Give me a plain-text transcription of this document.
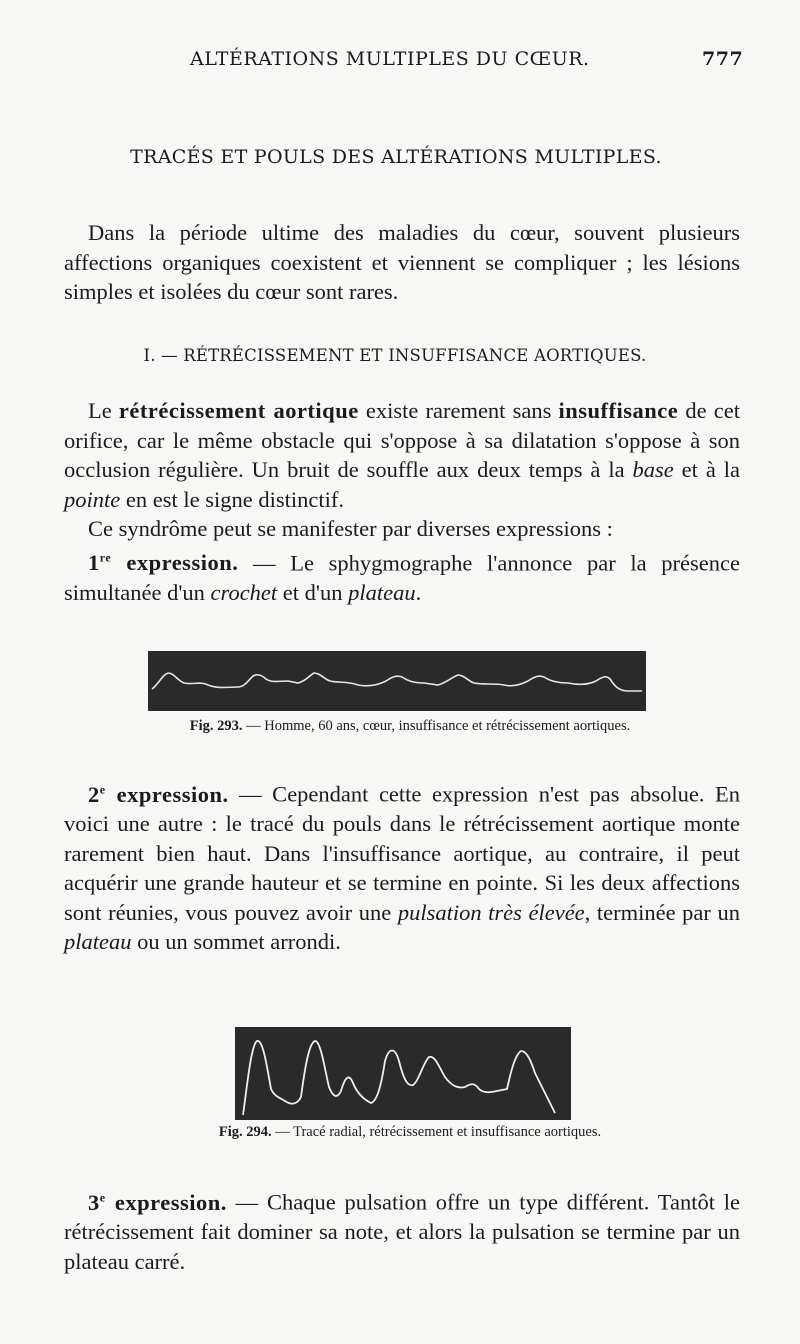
ALTÉRATIONS MULTIPLES DU CŒUR.	777
TRACÉS ET POULS DES ALTÉRATIONS MULTIPLES.

Dans la période ultime des maladies du cœur, souvent plusieurs affections organiques coexistent et viennent se compliquer ; les lésions simples et isolées du cœur sont rares.

I. — RÉTRÉCISSEMENT ET INSUFFISANCE AORTIQUES.

Le rétrécissement aortique existe rarement sans insuffisance de cet orifice, car le même obstacle qui s'oppose à sa dilatation s'oppose à son occlusion régulière. Un bruit de souffle aux deux temps à la base et à la pointe en est le signe distinctif.

Ce syndrôme peut se manifester par diverses expressions :

1re expression. — Le sphygmographe l'annonce par la présence simultanée d'un crochet et d'un plateau.

Fig. 293. — Homme, 60 ans, cœur, insuffisance et rétrécissement aortiques.

2e expression. — Cependant cette expression n'est pas absolue. En voici une autre : le tracé du pouls dans le rétrécissement aortique monte rarement bien haut. Dans l'insuffisance aortique, au contraire, il peut acquérir une grande hauteur et se termine en pointe. Si les deux affections sont réunies, vous pouvez avoir une pulsation très élevée, terminée par un plateau ou un sommet arrondi.

Fig. 294. — Tracé radial, rétrécissement et insuffisance aortiques.

3e expression. — Chaque pulsation offre un type différent. Tantôt le rétrécissement fait dominer sa note, et alors la pulsation se termine par un plateau carré.
